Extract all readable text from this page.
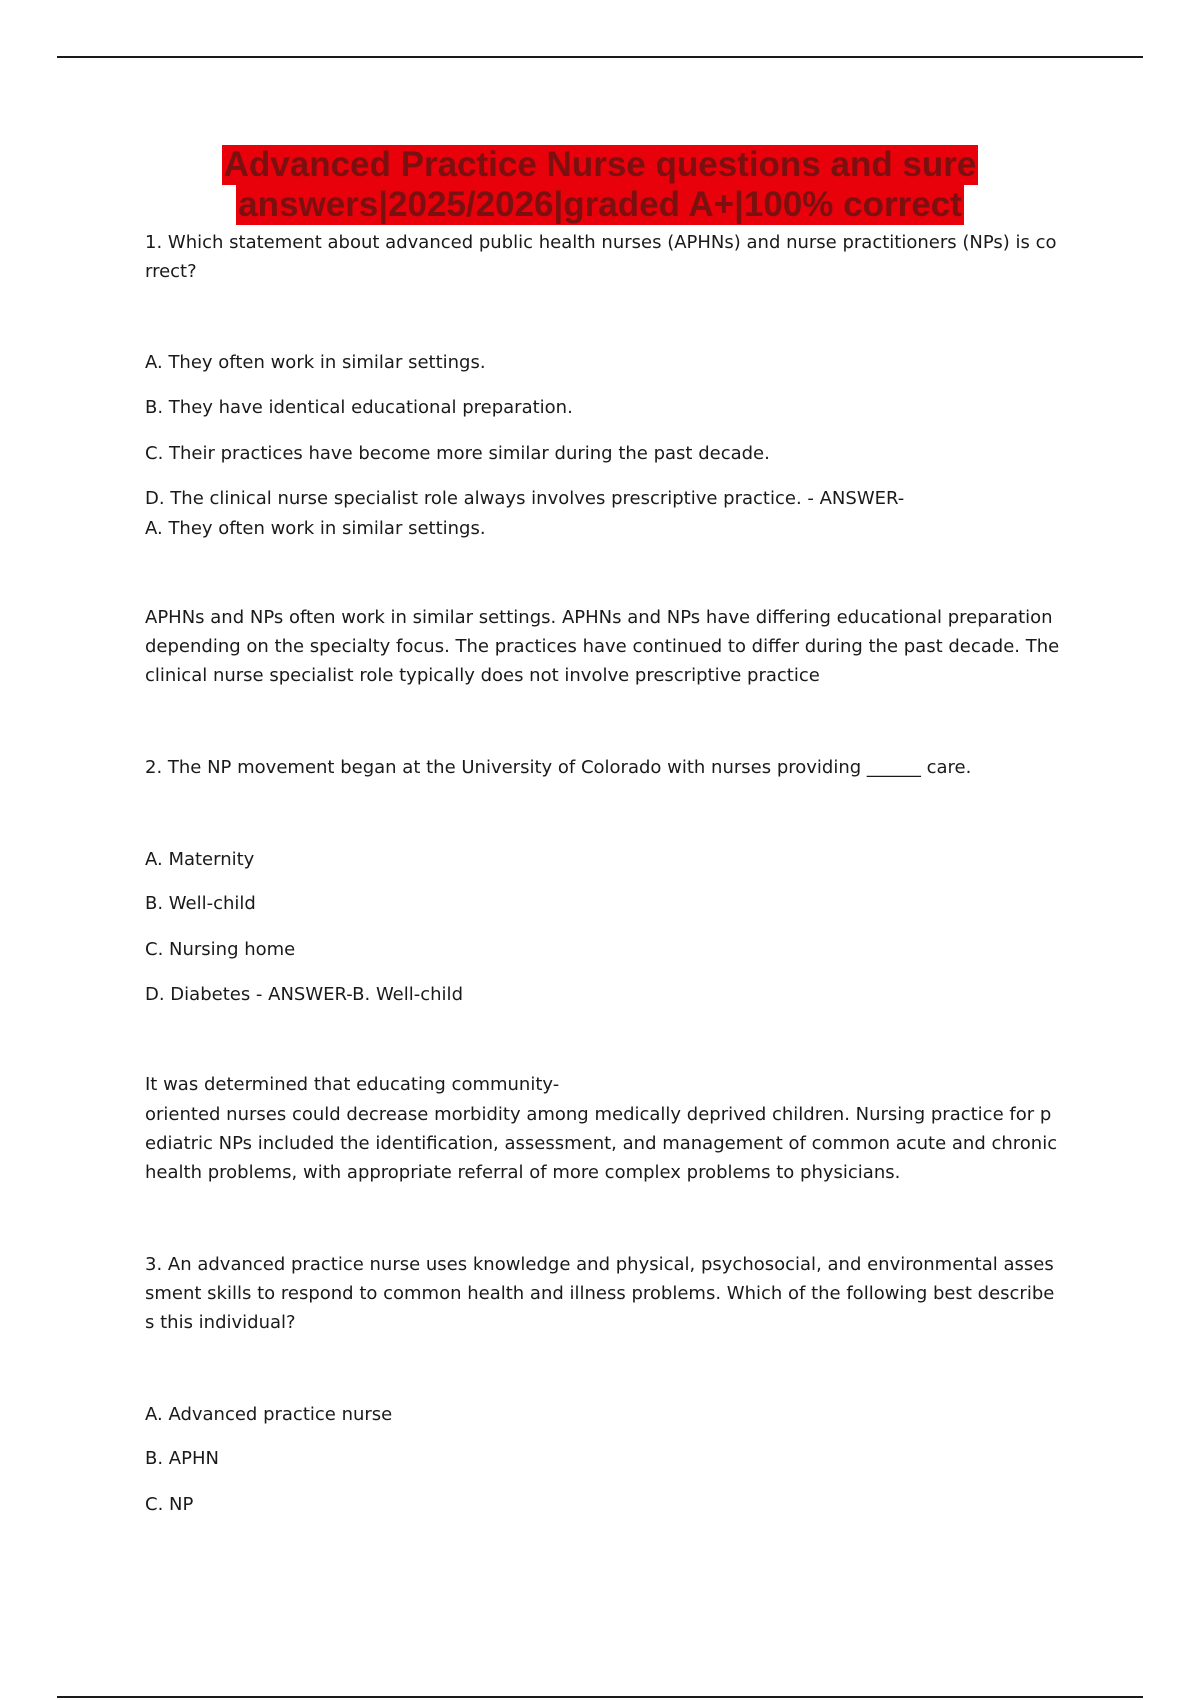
Advanced Practice Nurse questions and sure
answers|2025/2026|graded A+|100% correct

1. Which statement about advanced public health nurses (APHNs) and nurse practitioners (NPs) is correct?

A. They often work in similar settings.

B. They have identical educational preparation.

C. Their practices have become more similar during the past decade.

D. The clinical nurse specialist role always involves prescriptive practice. - ANSWER-

A. They often work in similar settings.

APHNs and NPs often work in similar settings. APHNs and NPs have differing educational preparation depending on the specialty focus. The practices have continued to differ during the past decade. The clinical nurse specialist role typically does not involve prescriptive practice

2. The NP movement began at the University of Colorado with nurses providing ______ care.

A. Maternity

B. Well-child

C. Nursing home

D. Diabetes - ANSWER-B. Well-child

It was determined that educating community-

oriented nurses could decrease morbidity among medically deprived children. Nursing practice for pediatric NPs included the identification, assessment, and management of common acute and chronic health problems, with appropriate referral of more complex problems to physicians.

3. An advanced practice nurse uses knowledge and physical, psychosocial, and environmental assessment skills to respond to common health and illness problems. Which of the following best describes this individual?

A. Advanced practice nurse

B. APHN

C. NP
